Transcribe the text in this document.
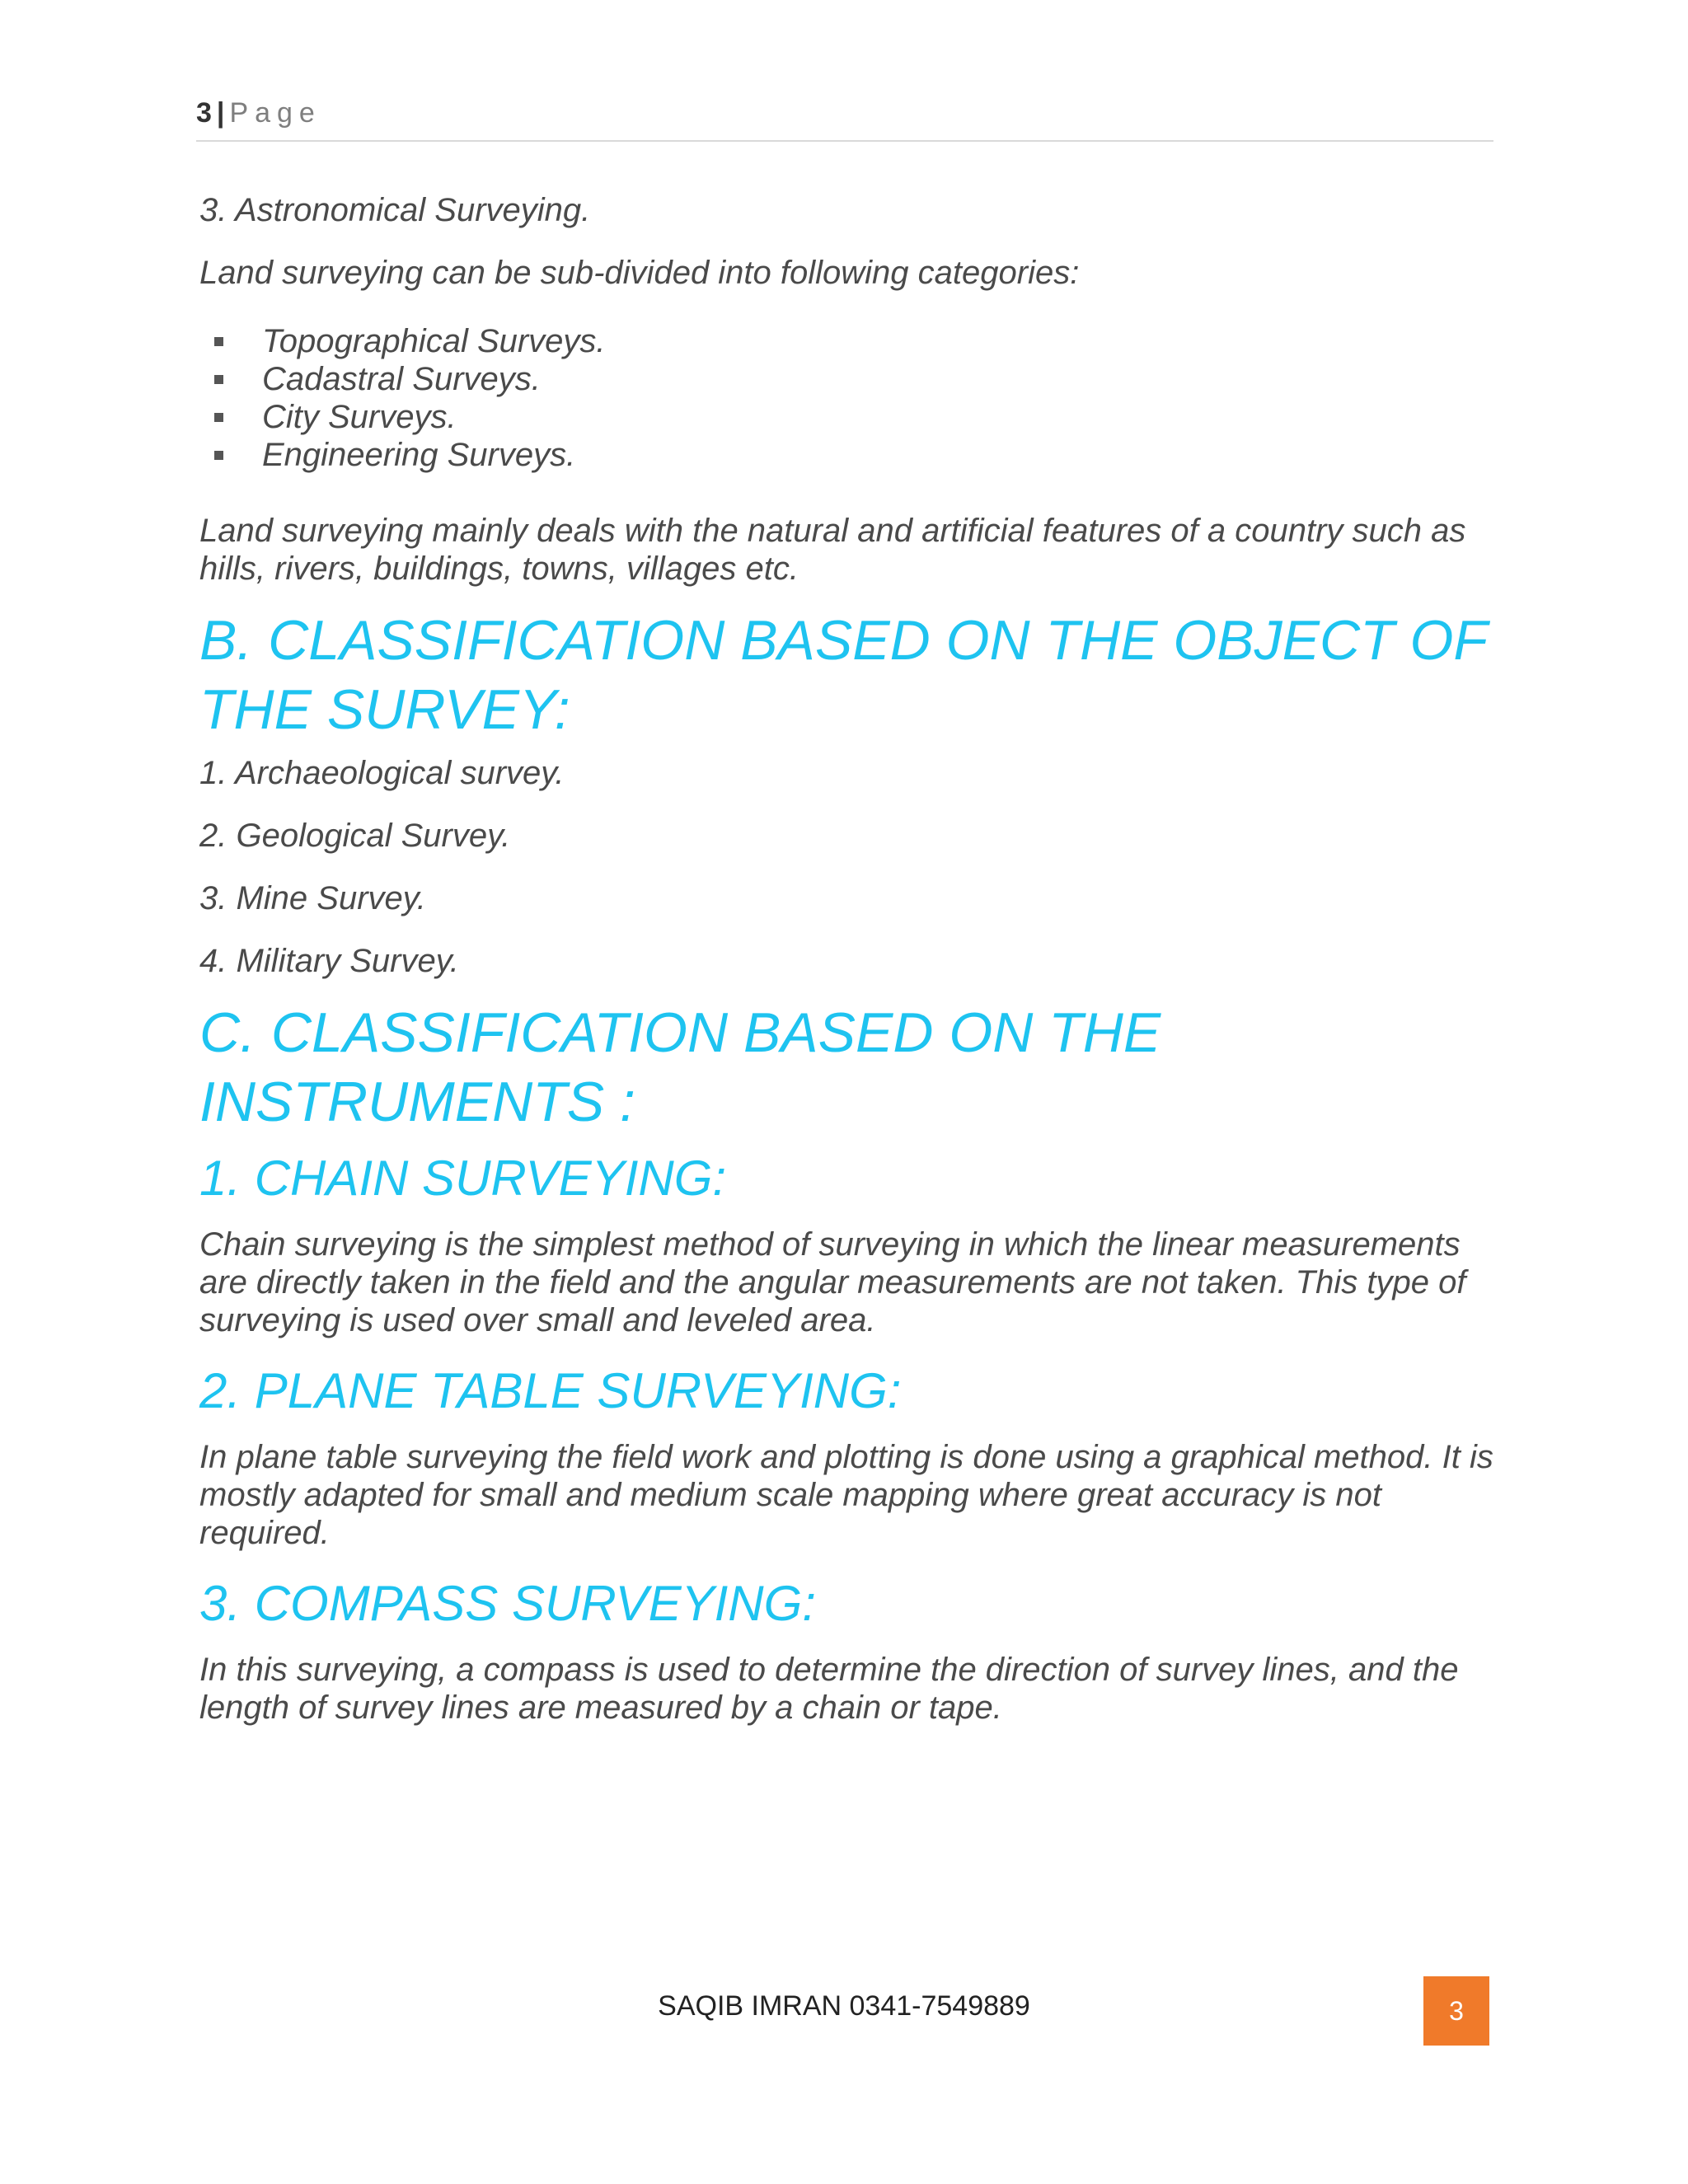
3 | Page

3. Astronomical Surveying.

Land surveying can be sub-divided into following categories:

Topographical Surveys.
Cadastral Surveys.
City Surveys.
Engineering Surveys.

Land surveying mainly deals with the natural and artificial features of a country such as hills, rivers, buildings, towns, villages etc.

B. CLASSIFICATION BASED ON THE OBJECT OF THE SURVEY:

1. Archaeological survey.

2. Geological Survey.

3. Mine Survey.

4. Military Survey.

C. CLASSIFICATION BASED ON THE INSTRUMENTS :
1. CHAIN SURVEYING:

Chain surveying is the simplest method of surveying in which the linear measurements are directly taken in the field and the angular measurements are not taken. This type of surveying is used over small and leveled area.

2. PLANE TABLE SURVEYING:

In plane table surveying the field work and plotting is done using a graphical method. It is mostly adapted for small and medium scale mapping where great accuracy is not required.

3. COMPASS SURVEYING:

In this surveying, a compass is used to determine the direction of survey lines, and the length of survey lines are measured by a chain or tape.

SAQIB IMRAN 0341-7549889	3
